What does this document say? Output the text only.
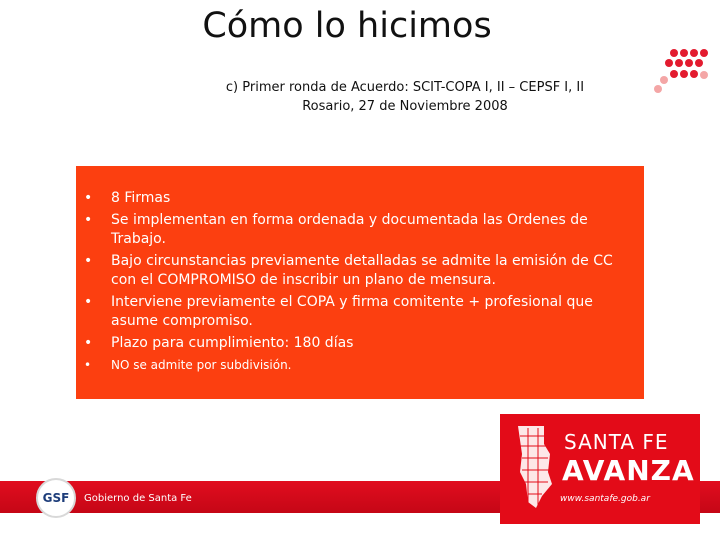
Cómo lo hicimos
c) Primer ronda de Acuerdo: SCIT-COPA I, II – CEPSF I, II
Rosario, 27 de Noviembre 2008
• 8 Firmas
• Se implementan en forma ordenada y documentada las Ordenes de Trabajo.
• Bajo circunstancias previamente detalladas se admite la emisión de CC con el COMPROMISO de inscribir un plano de mensura.
• Interviene previamente el COPA y firma comitente + profesional que asume compromiso.
• Plazo para cumplimiento: 180 días
• NO se admite por subdivisión.
GSF	Gobierno de Santa Fe
SANTA FE
AVANZA
www.santafe.gob.ar
